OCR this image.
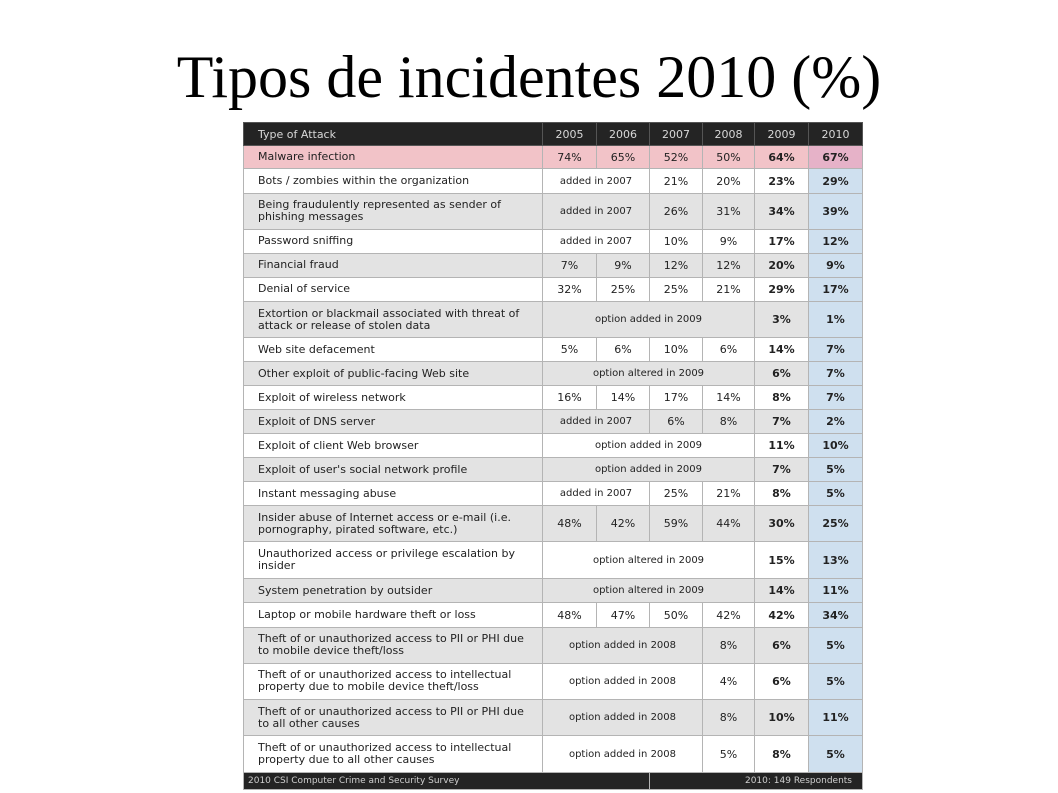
Tipos de incidentes 2010 (%)
Type of Attack	2005	2006	2007	2008	2009	2010
Malware infection	74%	65%	52%	50%	64%	67%
Bots / zombies within the organization	added in 2007		21%	20%	23%	29%
Being fraudulently represented as sender of phishing messages	added in 2007		26%	31%	34%	39%
Password sniffing	added in 2007		10%	9%	17%	12%
Financial fraud	7%	9%	12%	12%	20%	9%
Denial of service	32%	25%	25%	21%	29%	17%
Extortion or blackmail associated with threat of attack or release of stolen data	option added in 2009				3%	1%
Web site defacement	5%	6%	10%	6%	14%	7%
Other exploit of public-facing Web site	option altered in 2009				6%	7%
Exploit of wireless network	16%	14%	17%	14%	8%	7%
Exploit of DNS server	added in 2007		6%	8%	7%	2%
Exploit of client Web browser	option added in 2009				11%	10%
Exploit of user's social network profile	option added in 2009				7%	5%
Instant messaging abuse	added in 2007		25%	21%	8%	5%
Insider abuse of Internet access or e-mail (i.e. pornography, pirated software, etc.)	48%	42%	59%	44%	30%	25%
Unauthorized access or privilege escalation by insider	option altered in 2009				15%	13%
System penetration by outsider	option altered in 2009				14%	11%
Laptop or mobile hardware theft or loss	48%	47%	50%	42%	42%	34%
Theft of or unauthorized access to PII or PHI due to mobile device theft/loss	option added in 2008			8%	6%	5%
Theft of or unauthorized access to intellectual property due to mobile device theft/loss	option added in 2008			4%	6%	5%
Theft of or unauthorized access to PII or PHI due to all other causes	option added in 2008			8%	10%	11%
Theft of or unauthorized access to intellectual property due to all other causes	option added in 2008			5%	8%	5%
2010 CSI Computer Crime and Security Survey			2010: 149 Respondents			
